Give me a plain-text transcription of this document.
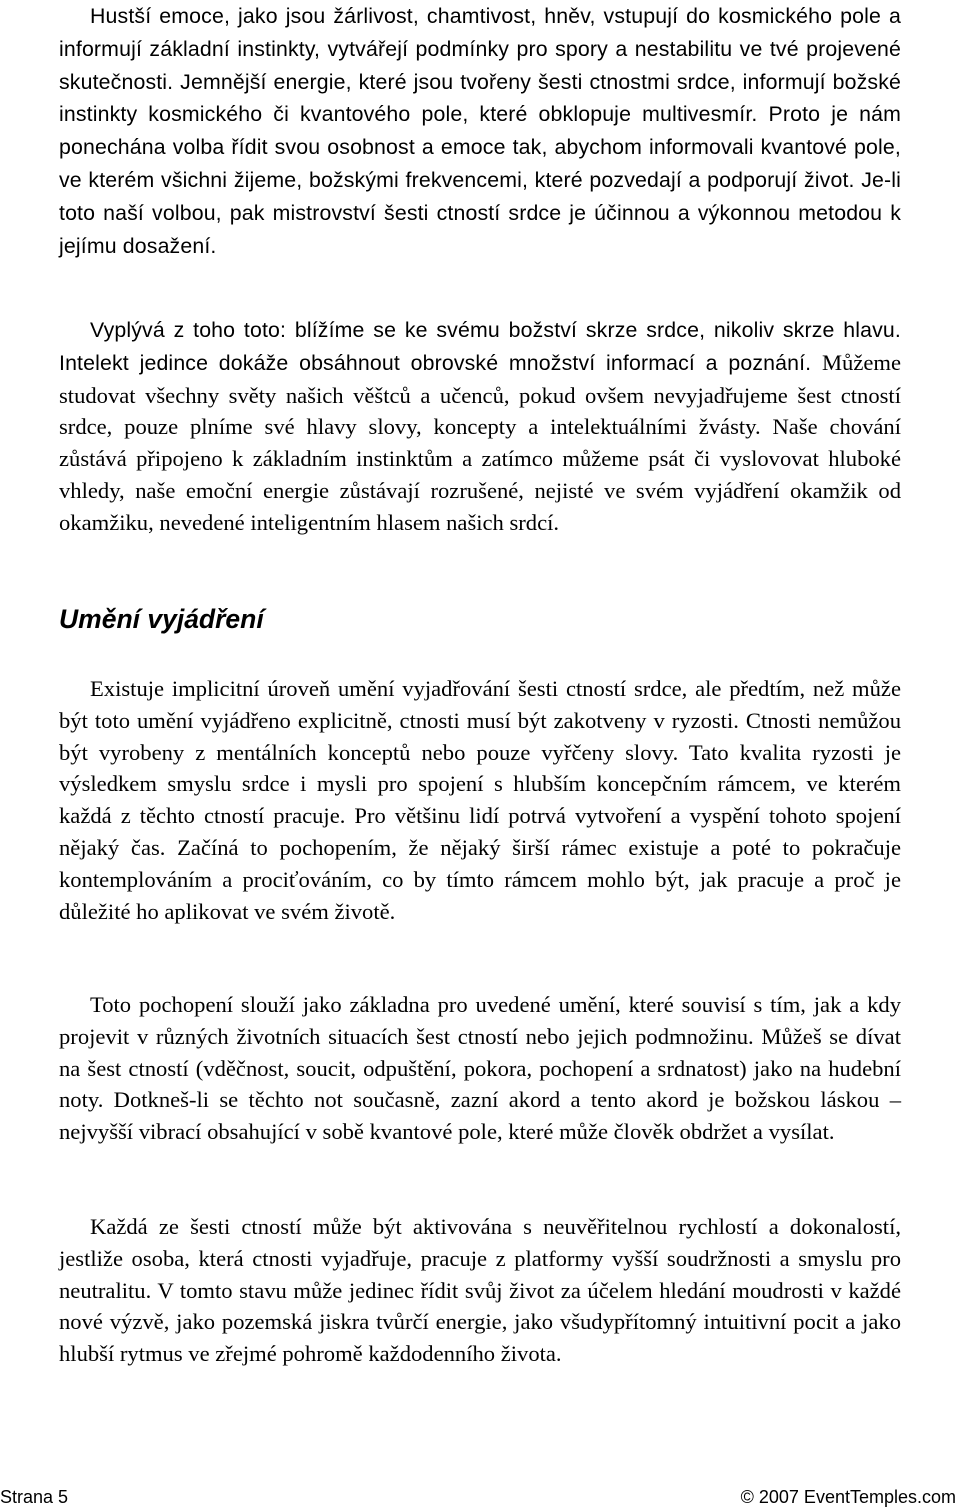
Hustší emoce, jako jsou žárlivost, chamtivost, hněv, vstupují do kosmického pole a informují základní instinkty, vytvářejí podmínky pro spory a nestabilitu ve tvé projevené skutečnosti. Jemnější energie, které jsou tvořeny šesti ctnostmi srdce, informují božské instinkty kosmického či kvantového pole, které obklopuje multivesmír. Proto je nám ponechána volba řídit svou osobnost a emoce tak, abychom informovali kvantové pole, ve kterém všichni žijeme, božskými frekvencemi, které pozvedají a podporují život. Je-li toto naší volbou, pak mistrovství šesti ctností srdce je účinnou a výkonnou metodou k jejímu dosažení.

Vyplývá z toho toto: blížíme se ke svému božství skrze srdce, nikoliv skrze hlavu. Intelekt jedince dokáže obsáhnout obrovské množství informací a poznání. Můžeme studovat všechny světy našich věštců a učenců, pokud ovšem nevyjadřujeme šest ctností srdce, pouze plníme své hlavy slovy, koncepty a intelektuálními žvásty. Naše chování zůstává připojeno k základním instinktům a zatímco můžeme psát či vyslovovat hluboké vhledy, naše emoční energie zůstávají rozrušené, nejisté ve svém vyjádření okamžik od okamžiku, nevedené inteligentním hlasem našich srdcí.

Umění vyjádření

Existuje implicitní úroveň umění vyjadřování šesti ctností srdce, ale předtím, než může být toto umění vyjádřeno explicitně, ctnosti musí být zakotveny v ryzosti. Ctnosti nemůžou být vyrobeny z mentálních konceptů nebo pouze vyřčeny slovy. Tato kvalita ryzosti je výsledkem smyslu srdce i mysli pro spojení s hlubším koncepčním rámcem, ve kterém každá z těchto ctností pracuje. Pro většinu lidí potrvá vytvoření a vyspění tohoto spojení nějaký čas. Začíná to pochopením, že nějaký širší rámec existuje a poté to pokračuje kontemplováním a prociťováním, co by tímto rámcem mohlo být, jak pracuje a proč je důležité ho aplikovat ve svém životě.

Toto pochopení slouží jako základna pro uvedené umění, které souvisí s tím, jak a kdy projevit v různých životních situacích šest ctností nebo jejich podmnožinu. Můžeš se dívat na šest ctností (vděčnost, soucit, odpuštění, pokora, pochopení a srdnatost) jako na hudební noty. Dotkneš-li se těchto not současně, zazní akord a tento akord je božskou láskou – nejvyšší vibrací obsahující v sobě kvantové pole, které může člověk obdržet a vysílat.

Každá ze šesti ctností může být aktivována s neuvěřitelnou rychlostí a dokonalostí, jestliže osoba, která ctnosti vyjadřuje, pracuje z platformy vyšší soudržnosti a smyslu pro neutralitu. V tomto stavu může jedinec řídit svůj život za účelem hledání moudrosti v každé nové výzvě, jako pozemská jiskra tvůrčí energie, jako všudypřítomný intuitivní pocit a jako hlubší rytmus ve zřejmé pohromě každodenního života.

Strana 5	© 2007 EventTemples.com
